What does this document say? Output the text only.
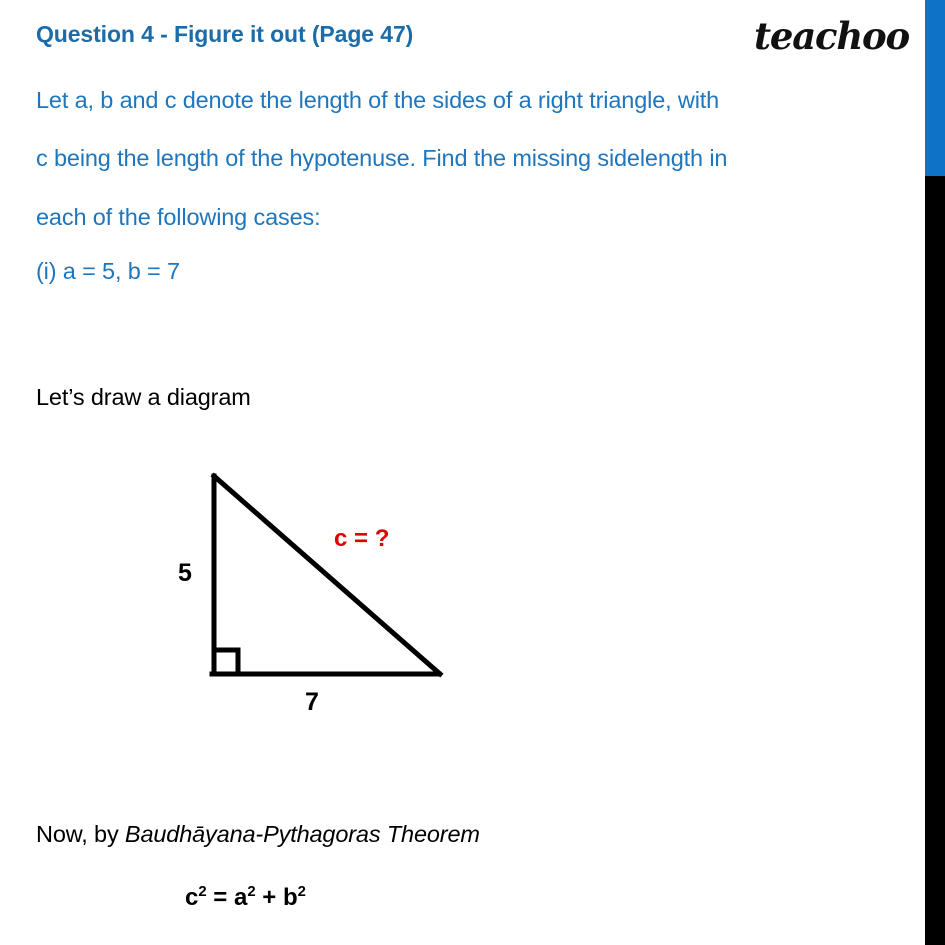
Question 4 - Figure it out (Page 47)	teachoo
Let a, b and c denote the length of the sides of a right triangle, with
c being the length of the hypotenuse. Find the missing sidelength in
each of the following cases:
(i) a = 5, b = 7
Let’s draw a diagram
5
7
c = ?
Now, by Baudhāyana-Pythagoras Theorem
$c^2 = a^2 + b^2$
